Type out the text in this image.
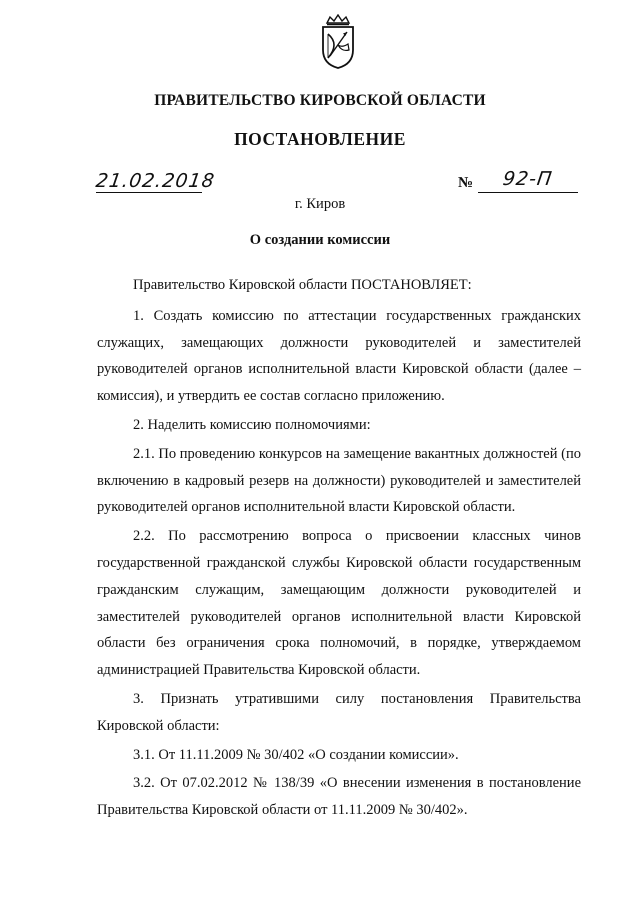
ПРАВИТЕЛЬСТВО КИРОВСКОЙ ОБЛАСТИ
ПОСТАНОВЛЕНИЕ
21.02.2018	№ 92-П
г. Киров
О создании комиссии

Правительство Кировской области ПОСТАНОВЛЯЕТ:

1. Создать комиссию по аттестации государственных гражданских служащих, замещающих должности руководителей и заместителей руководителей органов исполнительной власти Кировской области (далее – комиссия), и утвердить ее состав согласно приложению.

2. Наделить комиссию полномочиями:

2.1. По проведению конкурсов на замещение вакантных должностей (по включению в кадровый резерв на должности) руководителей и заместителей руководителей органов исполнительной власти Кировской области.

2.2. По рассмотрению вопроса о присвоении классных чинов государственной гражданской службы Кировской области государственным гражданским служащим, замещающим должности руководителей и заместителей руководителей органов исполнительной власти Кировской области без ограничения срока полномочий, в порядке, утверждаемом администрацией Правительства Кировской области.

3. Признать утратившими силу постановления Правительства Кировской области:

3.1. От 11.11.2009 № 30/402 «О создании комиссии».

3.2. От 07.02.2012 № 138/39 «О внесении изменения в постановление Правительства Кировской области от 11.11.2009 № 30/402».
